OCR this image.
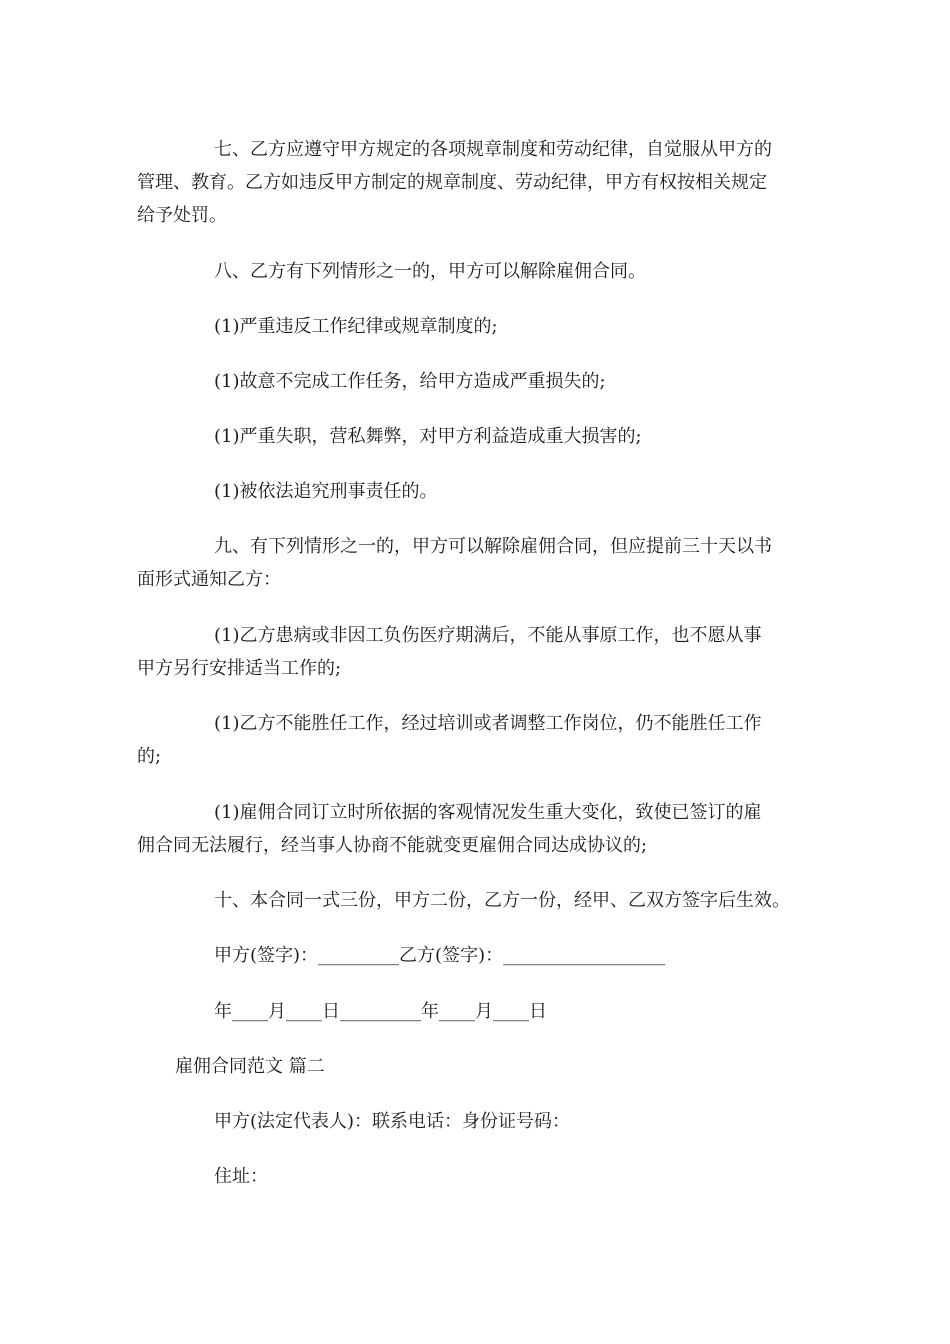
七、乙方应遵守甲方规定的各项规章制度和劳动纪律，自觉服从甲方的
管理、教育。乙方如违反甲方制定的规章制度、劳动纪律，甲方有权按相关规定
给予处罚。
八、乙方有下列情形之一的，甲方可以解除雇佣合同。
(1)严重违反工作纪律或规章制度的;
(1)故意不完成工作任务，给甲方造成严重损失的;
(1)严重失职，营私舞弊，对甲方利益造成重大损害的;
(1)被依法追究刑事责任的。
九、有下列情形之一的，甲方可以解除雇佣合同，但应提前三十天以书
面形式通知乙方：
(1)乙方患病或非因工负伤医疗期满后，不能从事原工作，也不愿从事
甲方另行安排适当工作的;
(1)乙方不能胜任工作，经过培训或者调整工作岗位，仍不能胜任工作
的;
(1)雇佣合同订立时所依据的客观情况发生重大变化，致使已签订的雇
佣合同无法履行，经当事人协商不能就变更雇佣合同达成协议的;
十、本合同一式三份，甲方二份，乙方一份，经甲、乙双方签字后生效。
甲方(签字)：_________乙方(签字)：__________________
年____月____日_________年____月____日
雇佣合同范文 篇二
甲方(法定代表人)：联系电话：身份证号码：
住址：
